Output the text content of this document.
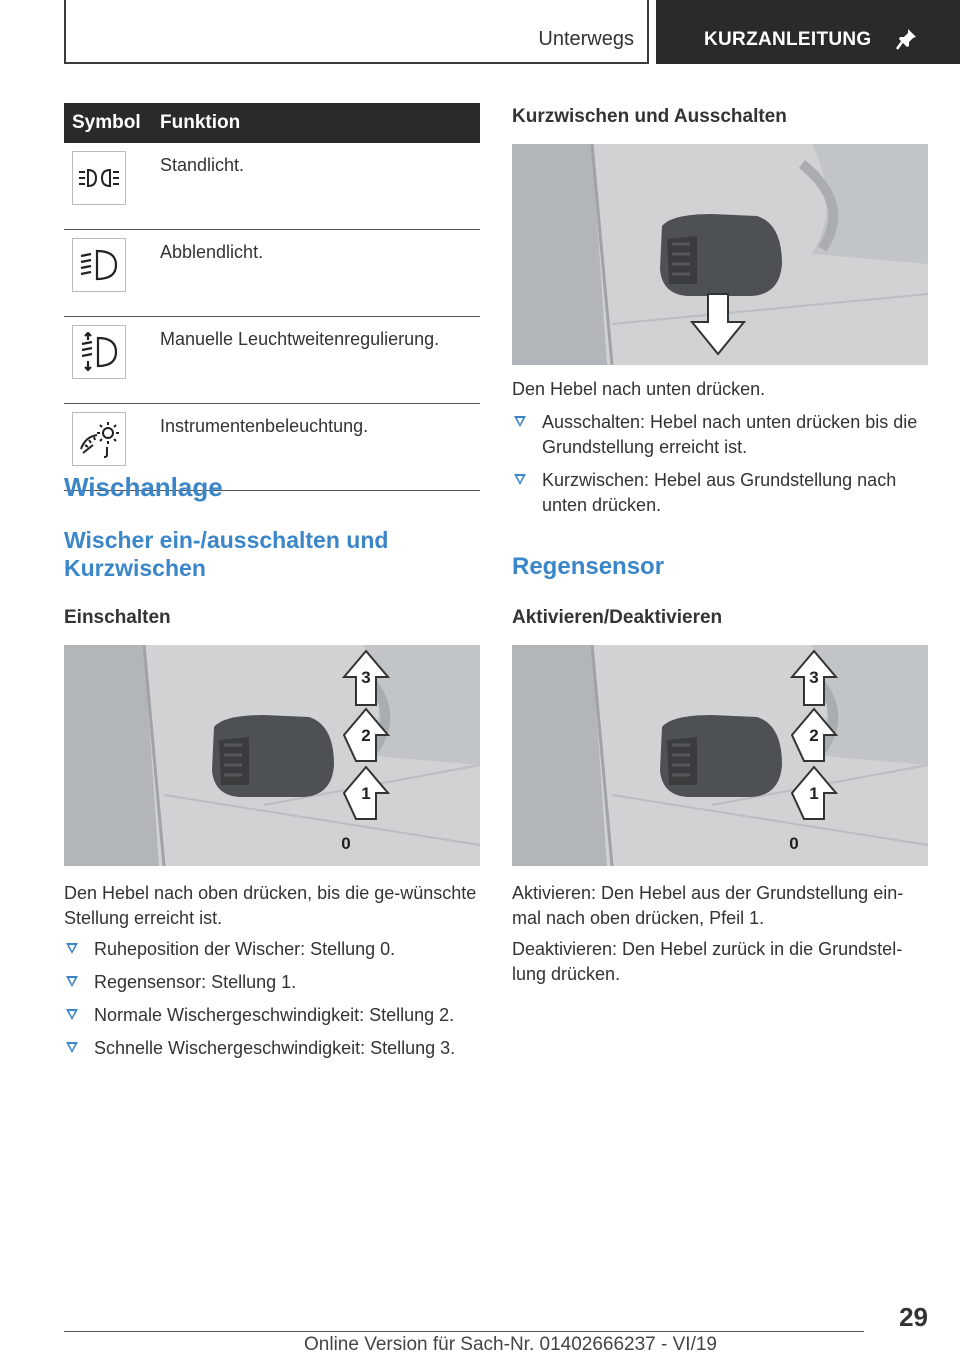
Unterwegs	KURZANLEITUNG
Symbol	Funktion

	Standlicht.

	Abblendlicht.

	Manuelle Leuchtweitenregulierung.

	Instrumentenbeleuchtung.
Wischanlage
Wischer ein-/ausschalten und Kurzwischen
Einschalten
3
2
1
0
Den Hebel nach oben drücken, bis die ge-wünschte Stellung erreicht ist.
Ruheposition der Wischer: Stellung 0.
Regensensor: Stellung 1.
Normale Wischergeschwindigkeit: Stellung 2.
Schnelle Wischergeschwindigkeit: Stellung 3.
Kurzwischen und Ausschalten
Den Hebel nach unten drücken.
Ausschalten: Hebel nach unten drücken bis die Grundstellung erreicht ist.
Kurzwischen: Hebel aus Grundstellung nach unten drücken.
Regensensor
Aktivieren/Deaktivieren
3
2
1
0
Aktivieren: Den Hebel aus der Grundstellung ein-mal nach oben drücken, Pfeil 1.
Deaktivieren: Den Hebel zurück in die Grundstel-lung drücken.
29
Online Version für Sach-Nr. 01402666237 - VI/19
